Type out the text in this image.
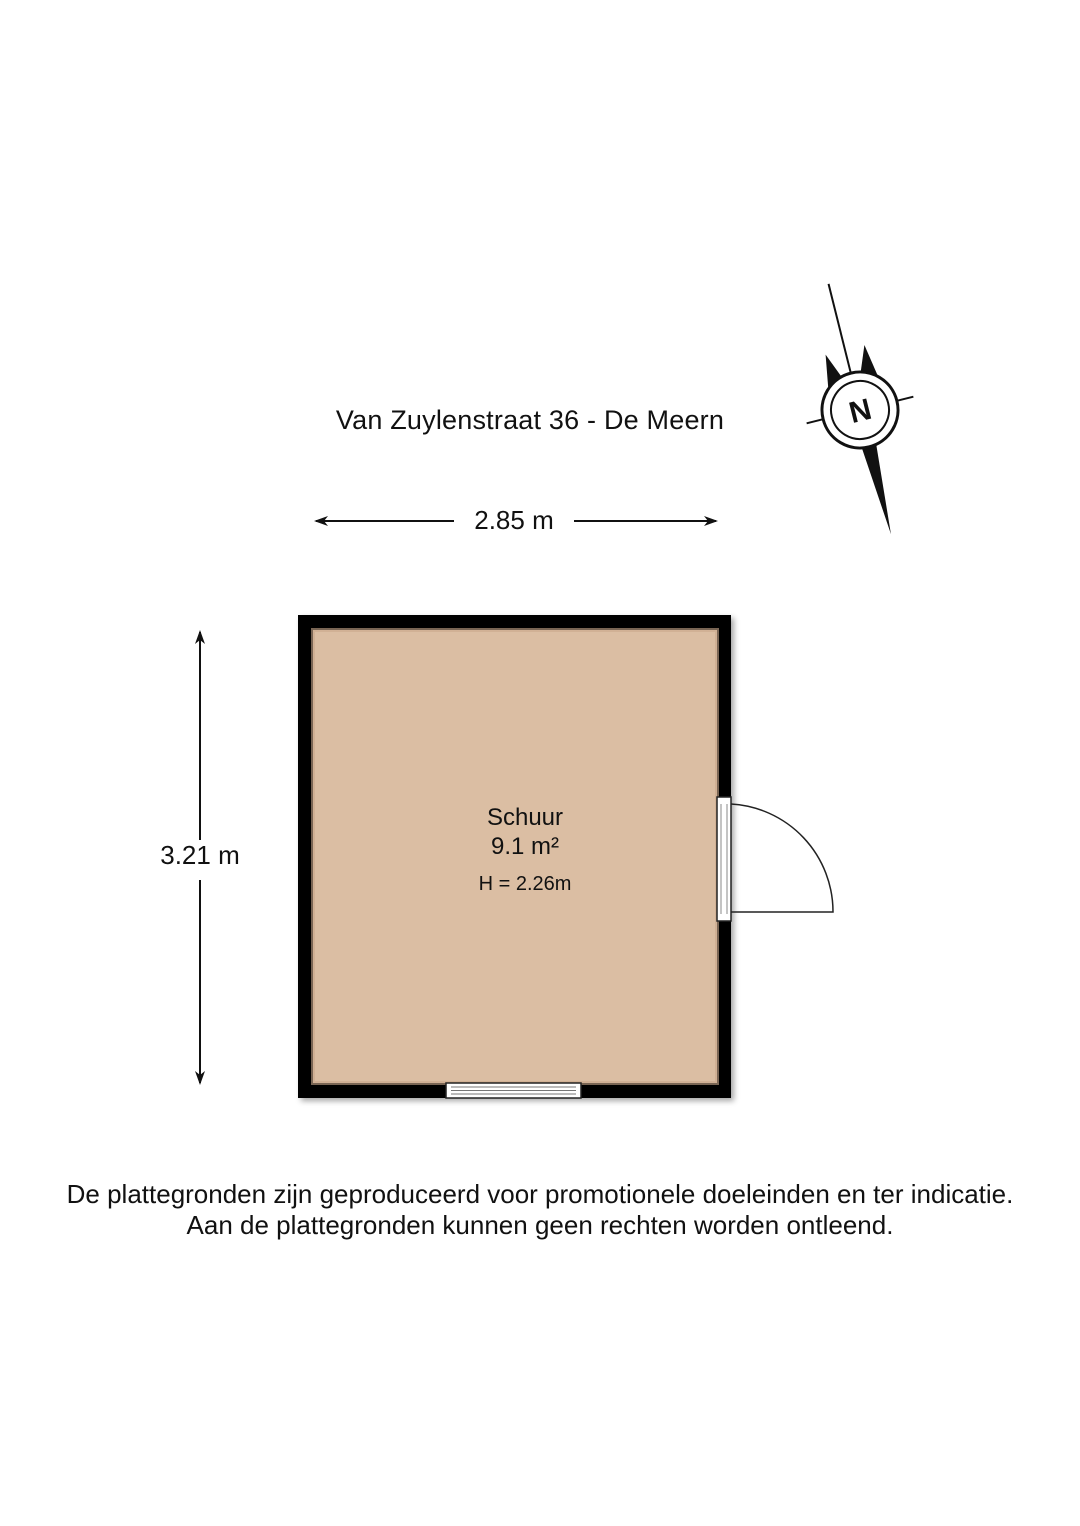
N
Van Zuylenstraat 36 - De Meern
2.85 m
3.21 m
Schuur
9.1 m²
H = 2.26m
De plattegronden zijn geproduceerd voor promotionele doeleinden en ter indicatie.
Aan de plattegronden kunnen geen rechten worden ontleend.
